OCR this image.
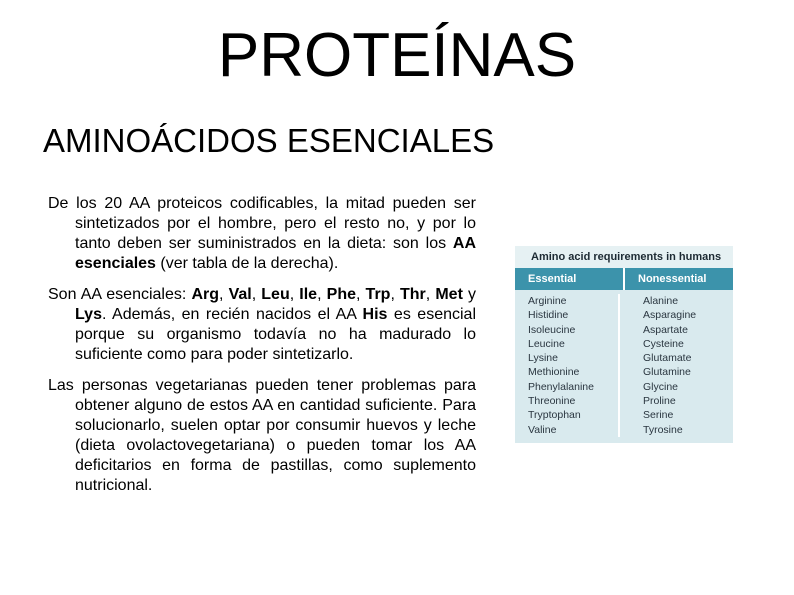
PROTEÍNAS
AMINOÁCIDOS ESENCIALES

De los 20 AA proteicos codificables, la mitad pueden ser sintetizados por el hombre, pero el resto no, y por lo tanto deben ser suministrados en la dieta: son los AA esenciales (ver tabla de la derecha).

Son AA esenciales: Arg, Val, Leu, Ile, Phe, Trp, Thr, Met y Lys. Además, en recién nacidos el AA His es esencial porque su organismo todavía no ha madurado lo suficiente como para poder sintetizarlo.

Las personas vegetarianas pueden tener problemas para obtener alguno de estos AA en cantidad suficiente. Para solucionarlo, suelen optar por consumir huevos y leche (dieta ovolactovegetariana) o pueden tomar los AA deficitarios en forma de pastillas, como suplemento nutricional.

Amino acid requirements in humans
Essential	Nonessential
Arginine
Histidine
Isoleucine
Leucine
Lysine
Methionine
Phenylalanine
Threonine
Tryptophan
Valine
Alanine
Asparagine
Aspartate
Cysteine
Glutamate
Glutamine
Glycine
Proline
Serine
Tyrosine
